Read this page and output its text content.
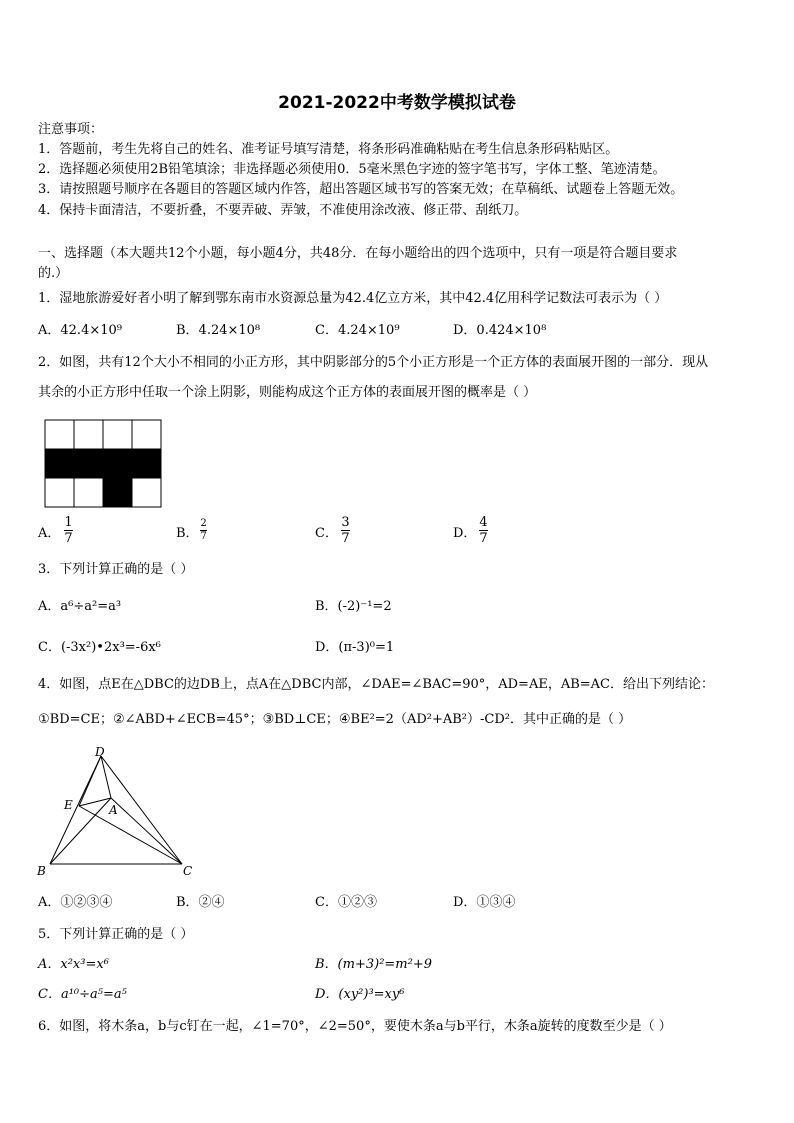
2021-2022中考数学模拟试卷
注意事项：
1．答题前，考生先将自己的姓名、准考证号填写清楚，将条形码准确粘贴在考生信息条形码粘贴区。
2．选择题必须使用2B铅笔填涂；非选择题必须使用0．5毫米黑色字迹的签字笔书写，字体工整、笔迹清楚。
3．请按照题号顺序在各题目的答题区域内作答，超出答题区域书写的答案无效；在草稿纸、试题卷上答题无效。
4．保持卡面清洁，不要折叠，不要弄破、弄皱，不准使用涂改液、修正带、刮纸刀。
一、选择题（本大题共12个小题，每小题4分，共48分．在每小题给出的四个选项中，只有一项是符合题目要求
的.）
1．湿地旅游爱好者小明了解到鄂东南市水资源总量为42.4亿立方米，其中42.4亿用科学记数法可表示为（ ）
A．42.4×10⁹	B．4.24×10⁸	C．4.24×10⁹	D．0.424×10⁸
2．如图，共有12个大小不相同的小正方形，其中阴影部分的5个小正方形是一个正方体的表面展开图的一部分．现从
其余的小正方形中任取一个涂上阴影，则能构成这个正方体的表面展开图的概率是（ ）
A．
1
7	B．
2
7	C．
3
7	D．
4
7
3．下列计算正确的是（ ）
A．a⁶÷a²=a³	B．(-2)⁻¹=2
C．(-3x²)•2x³=-6x⁶	D．(π-3)⁰=1
4．如图，点E在△DBC的边DB上，点A在△DBC内部，∠DAE=∠BAC=90°，AD=AE，AB=AC．给出下列结论：
①BD=CE；②∠ABD+∠ECB=45°；③BD⊥CE；④BE²=2（AD²+AB²）-CD²．其中正确的是（ ）
D
E	A
B	C
A．①②③④	B．②④	C．①②③	D．①③④
5．下列计算正确的是（ ）
A．x²x³=x⁶	B．(m+3)²=m²+9
C．a¹⁰÷a⁵=a⁵	D．(xy²)³=xy⁶
6．如图，将木条a，b与c钉在一起，∠1=70°，∠2=50°，要使木条a与b平行，木条a旋转的度数至少是（ ）
